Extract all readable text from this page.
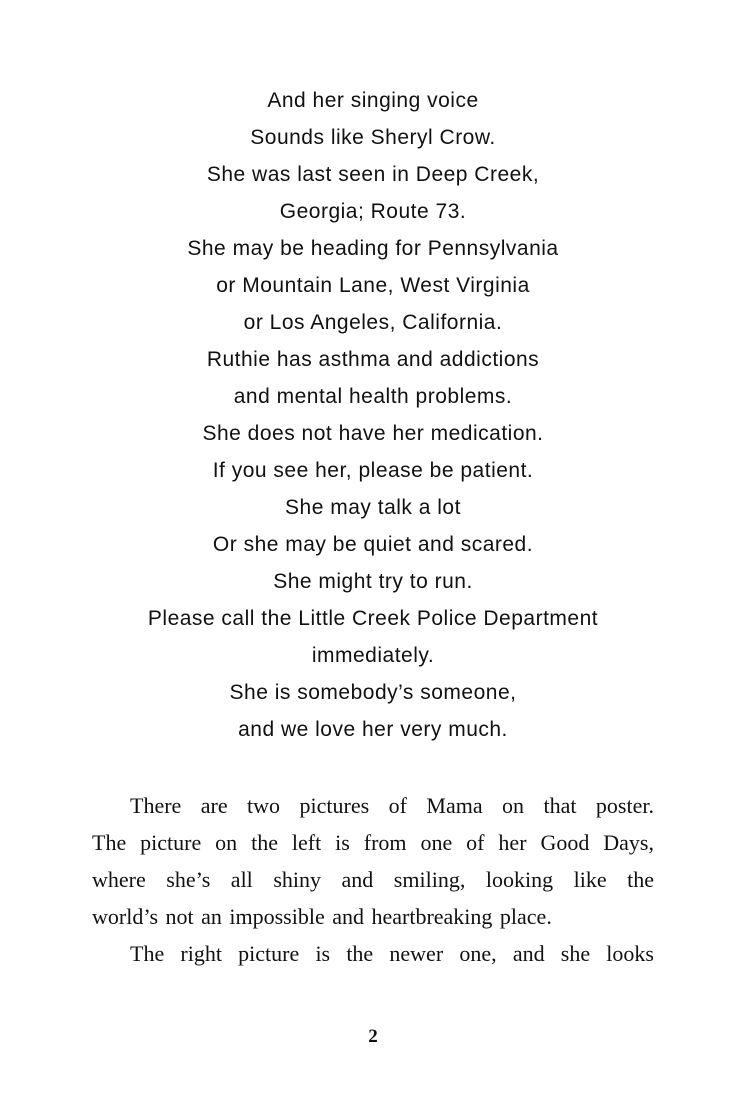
And her singing voice
Sounds like Sheryl Crow.
She was last seen in Deep Creek,
Georgia; Route 73.
She may be heading for Pennsylvania
or Mountain Lane, West Virginia
or Los Angeles, California.
Ruthie has asthma and addictions
and mental health problems.
She does not have her medication.
If you see her, please be patient.
She may talk a lot
Or she may be quiet and scared.
She might try to run.
Please call the Little Creek Police Department
immediately.
She is somebody’s someone,
and we love her very much.
There are two pictures of Mama on that poster.
The picture on the left is from one of her Good Days,
where she’s all shiny and smiling, looking like the
world’s not an impossible and heartbreaking place.
The right picture is the newer one, and she looks
2
